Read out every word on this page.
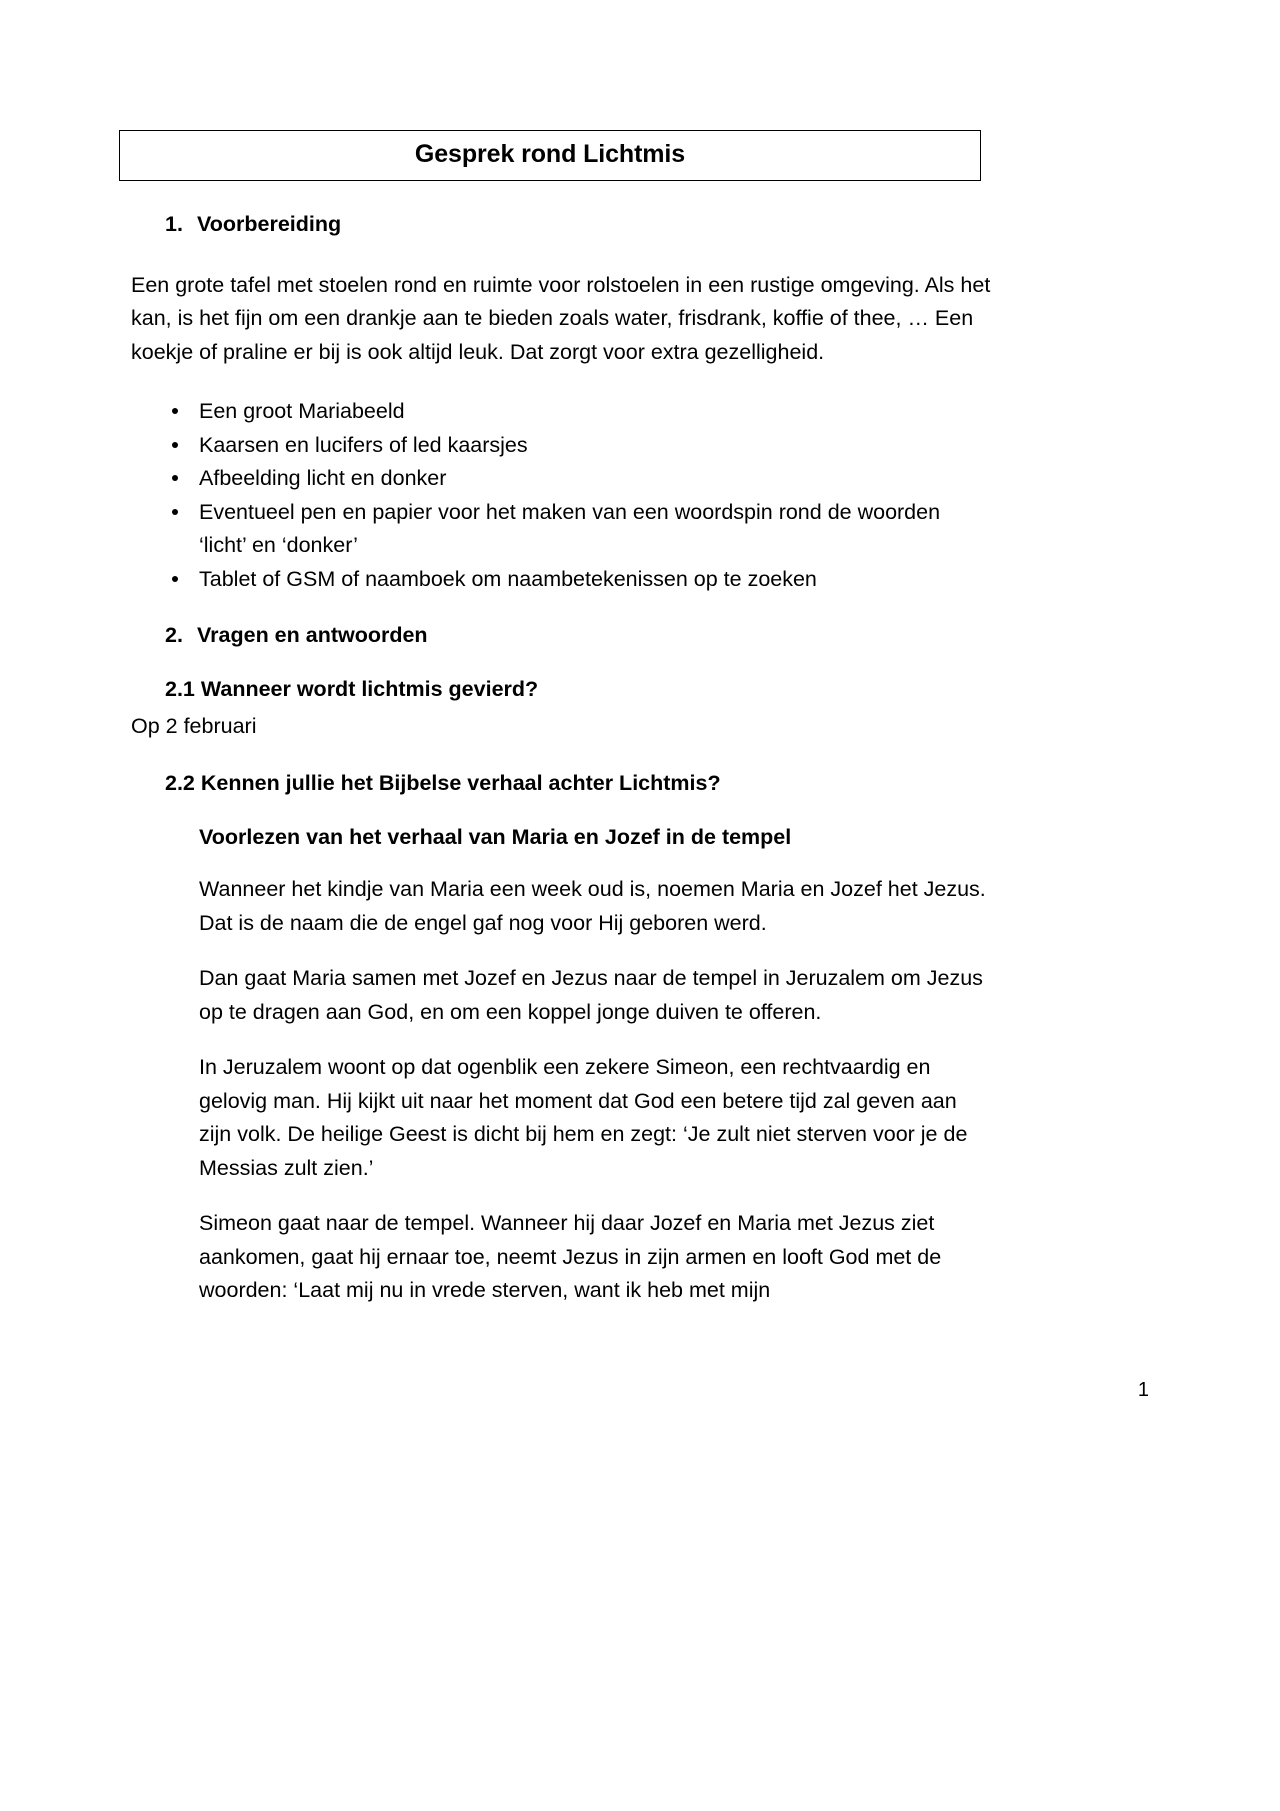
Gesprek rond Lichtmis
1. Voorbereiding

Een grote tafel met stoelen rond en ruimte voor rolstoelen in een rustige omgeving. Als het kan, is het fijn om een drankje aan te bieden zoals water, frisdrank, koffie of thee, … Een koekje of praline er bij is ook altijd leuk. Dat zorgt voor extra gezelligheid.

Een groot Mariabeeld
Kaarsen en lucifers of led kaarsjes
Afbeelding licht en donker
Eventueel pen en papier voor het maken van een woordspin rond de woorden ‘licht’ en ‘donker’
Tablet of GSM of naamboek om naambetekenissen op te zoeken
2. Vragen en antwoorden
2.1 Wanneer wordt lichtmis gevierd?

Op 2 februari

2.2 Kennen jullie het Bijbelse verhaal achter Lichtmis?
Voorlezen van het verhaal van Maria en Jozef in de tempel

Wanneer het kindje van Maria een week oud is, noemen Maria en Jozef het Jezus. Dat is de naam die de engel gaf nog voor Hij geboren werd.

Dan gaat Maria samen met Jozef en Jezus naar de tempel in Jeruzalem om Jezus op te dragen aan God, en om een koppel jonge duiven te offeren.

In Jeruzalem woont op dat ogenblik een zekere Simeon, een rechtvaardig en gelovig man. Hij kijkt uit naar het moment dat God een betere tijd zal geven aan zijn volk. De heilige Geest is dicht bij hem en zegt: ‘Je zult niet sterven voor je de Messias zult zien.’

Simeon gaat naar de tempel. Wanneer hij daar Jozef en Maria met Jezus ziet aankomen, gaat hij ernaar toe, neemt Jezus in zijn armen en looft God met de woorden: ‘Laat mij nu in vrede sterven, want ik heb met mijn

1
